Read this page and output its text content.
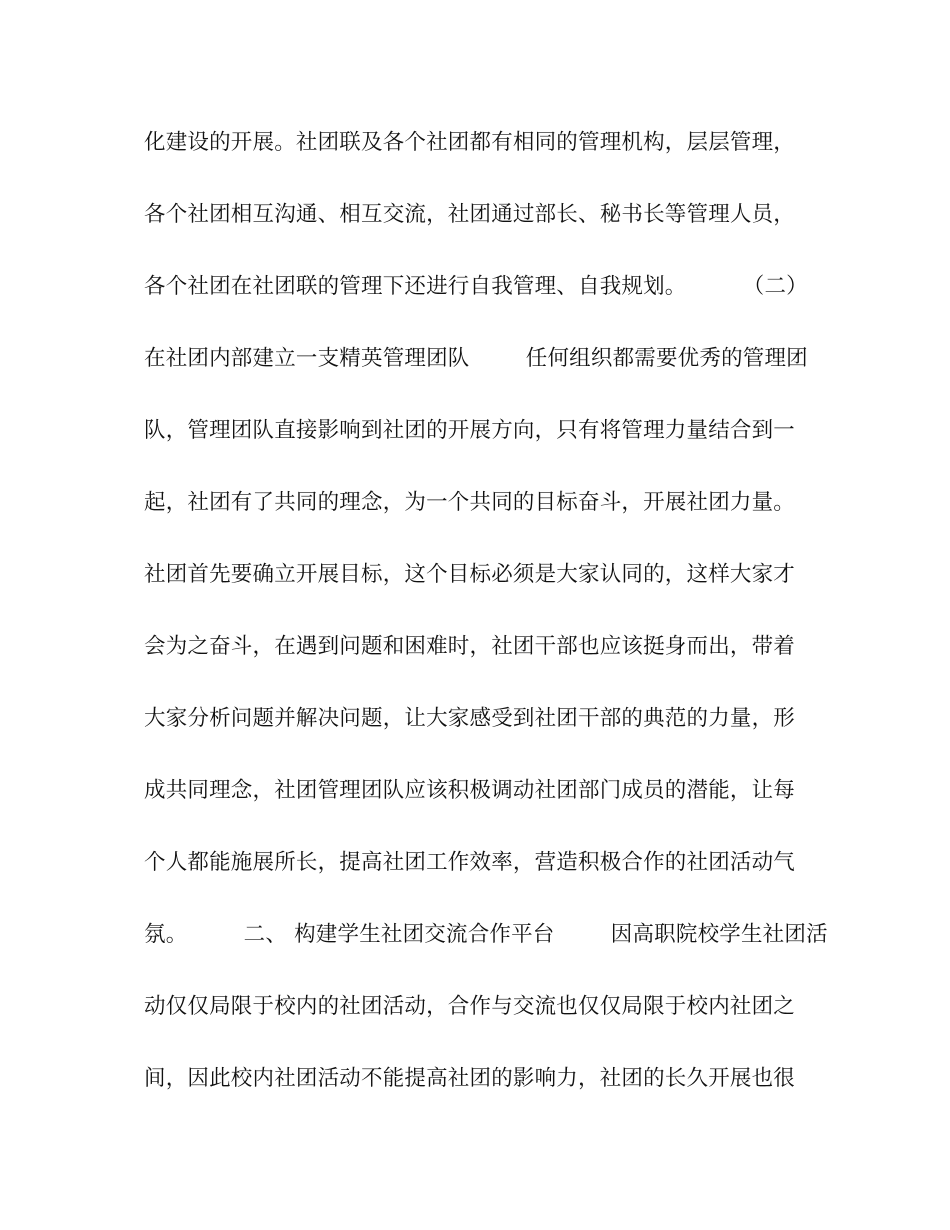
化建设的开展。社团联及各个社团都有相同的管理机构，层层管理，
各个社团相互沟通、相互交流，社团通过部长、秘书长等管理人员，
各个社团在社团联的管理下还进行自我管理、自我规划。        （二）
在社团内部建立一支精英管理团队        任何组织都需要优秀的管理团
队，管理团队直接影响到社团的开展方向，只有将管理力量结合到一
起，社团有了共同的理念，为一个共同的目标奋斗，开展社团力量。
社团首先要确立开展目标，这个目标必须是大家认同的，这样大家才
会为之奋斗，在遇到问题和困难时，社团干部也应该挺身而出，带着
大家分析问题并解决问题，让大家感受到社团干部的典范的力量，形
成共同理念，社团管理团队应该积极调动社团部门成员的潜能，让每
个人都能施展所长，提高社团工作效率，营造积极合作的社团活动气
氛。        二、 构建学生社团交流合作平台        因高职院校学生社团活
动仅仅局限于校内的社团活动，合作与交流也仅仅局限于校内社团之
间，因此校内社团活动不能提高社团的影响力，社团的长久开展也很
